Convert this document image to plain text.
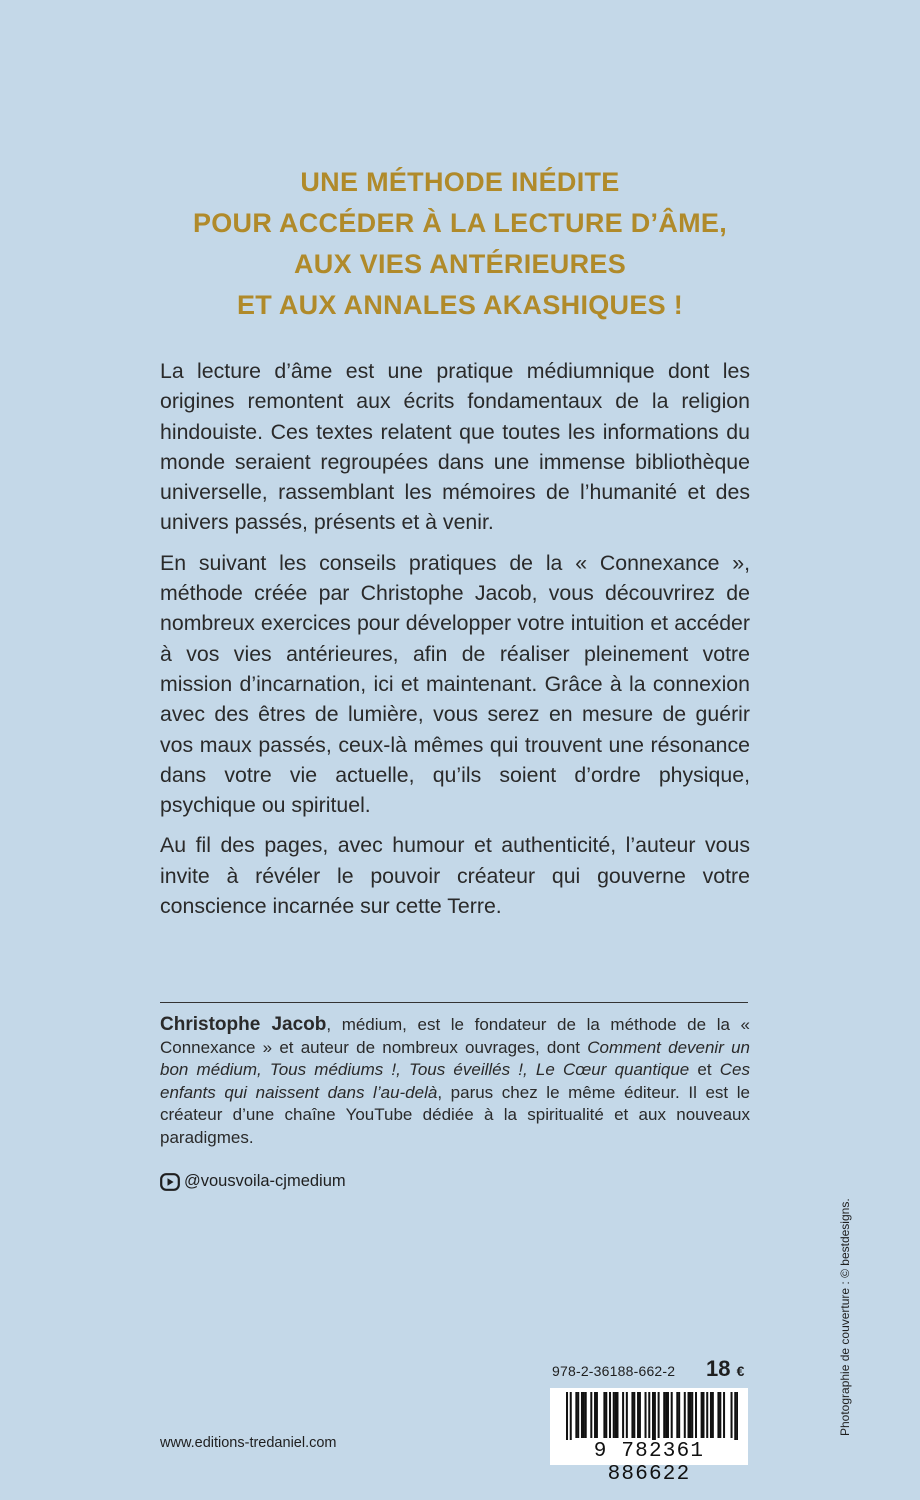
UNE MÉTHODE INÉDITE
POUR ACCÉDER À LA LECTURE D’ÂME,
AUX VIES ANTÉRIEURES
ET AUX ANNALES AKASHIQUES !

La lecture d’âme est une pratique médiumnique dont les origines remontent aux écrits fondamentaux de la religion hindouiste. Ces textes relatent que toutes les informations du monde seraient regroupées dans une immense bibliothèque universelle, rassemblant les mémoires de l’humanité et des univers passés, présents et à venir.

En suivant les conseils pratiques de la « Connexance », méthode créée par Christophe Jacob, vous découvrirez de nombreux exercices pour développer votre intuition et accéder à vos vies antérieures, afin de réaliser pleinement votre mission d’incarnation, ici et maintenant. Grâce à la connexion avec des êtres de lumière, vous serez en mesure de guérir vos maux passés, ceux-là mêmes qui trouvent une résonance dans votre vie actuelle, qu’ils soient d’ordre physique, psychique ou spirituel.

Au fil des pages, avec humour et authenticité, l’auteur vous invite à révéler le pouvoir créateur qui gouverne votre conscience incarnée sur cette Terre.

Christophe Jacob, médium, est le fondateur de la méthode de la « Connexance » et auteur de nombreux ouvrages, dont Comment devenir un bon médium, Tous médiums !, Tous éveillés !, Le Cœur quantique et Ces enfants qui naissent dans l’au-delà, parus chez le même éditeur. Il est le créateur d’une chaîne YouTube dédiée à la spiritualité et aux nouveaux paradigmes.

@vousvoila-cjmedium
978-2-36188-662-2 18 €
9 782361 886622
www.editions-tredaniel.com
Photographie de couverture : © bestdesigns.
